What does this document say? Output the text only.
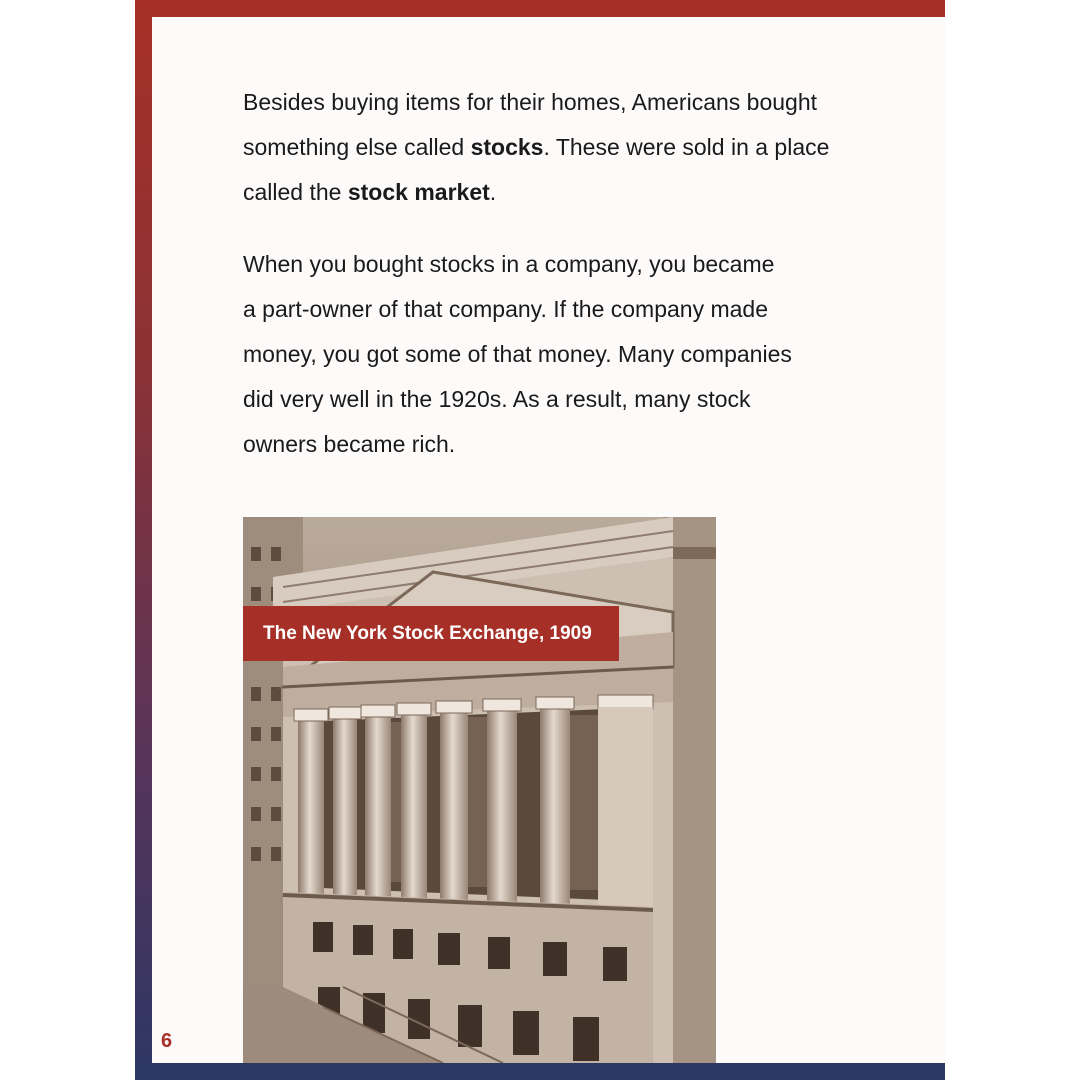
Besides buying items for their homes, Americans bought something else called stocks. These were sold in a place called the stock market.

When you bought stocks in a company, you became
a part-owner of that company. If the company made
money, you got some of that money. Many companies
did very well in the 1920s. As a result, many stock
owners became rich.

The New York Stock Exchange, 1909
6
